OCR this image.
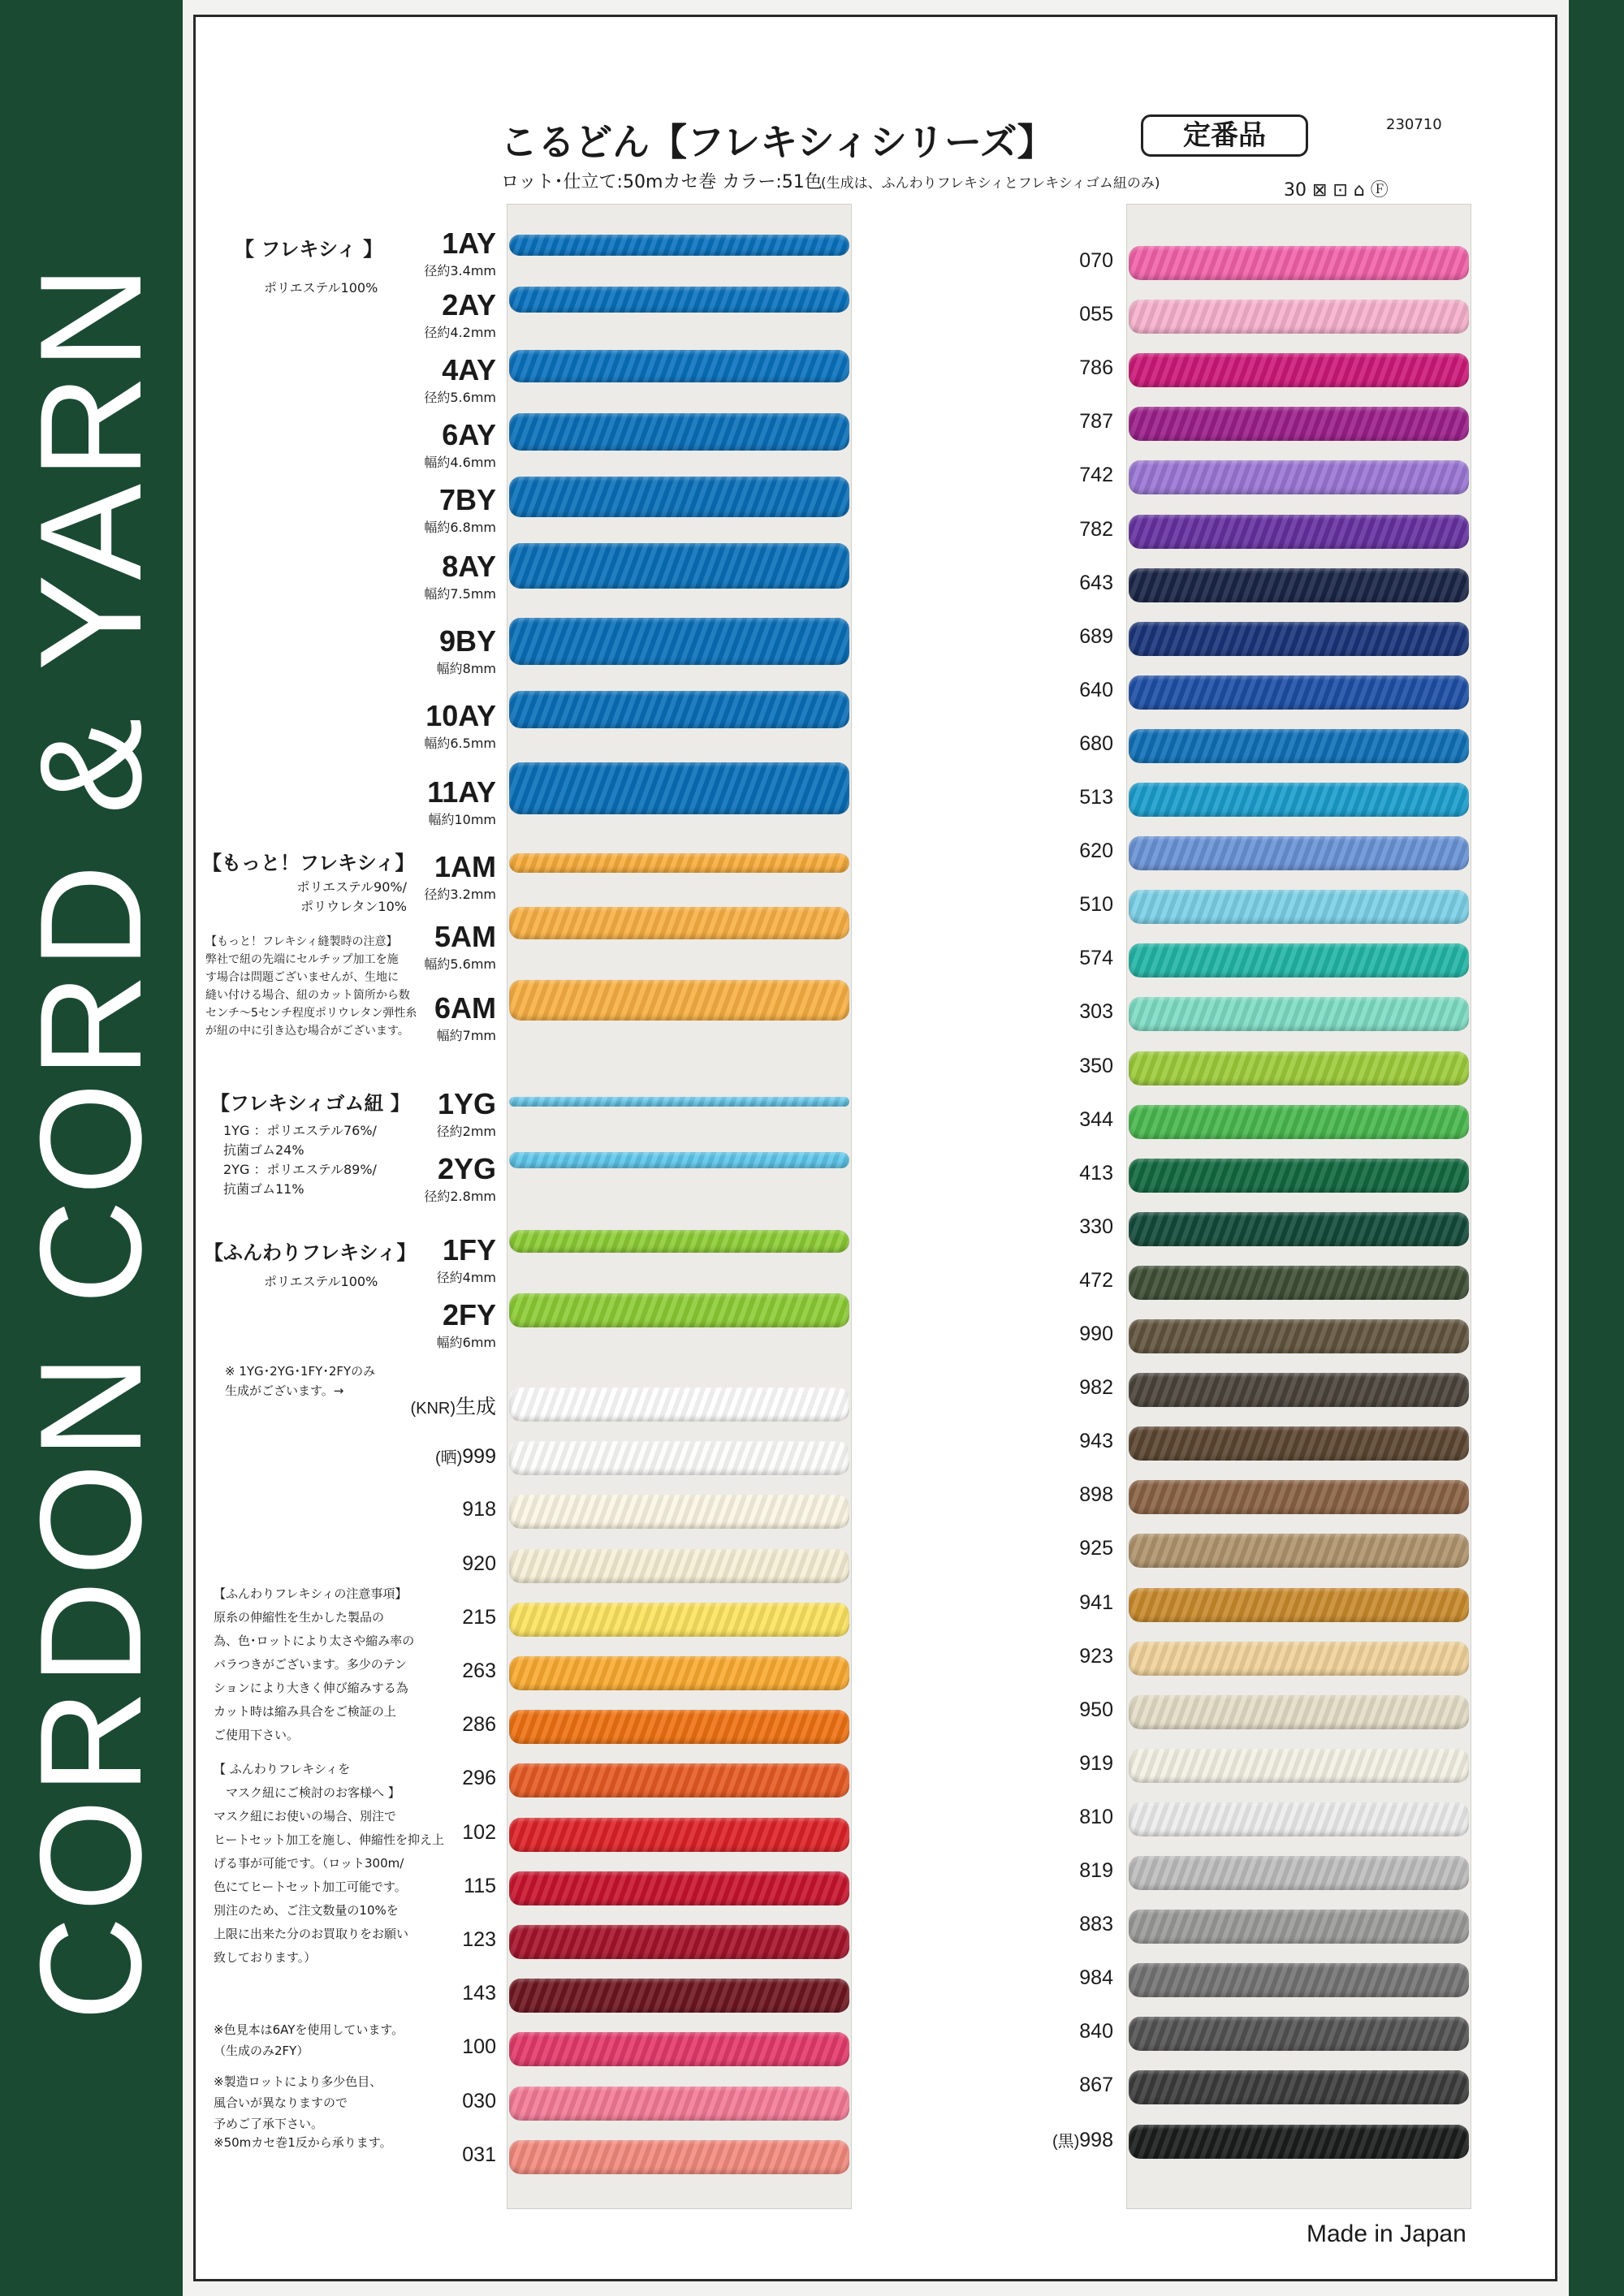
CORDON CORD & YARN
こるどん【フレキシィシリーズ】	定番品	230710
ロット･仕立て:50mカセ巻 カラー:51色
(生成は、ふんわりフレキシィとフレキシィゴム紐のみ)	30 ⊠ ⊡ ⌂ Ⓕ
1AY
径約3.4mm
2AY
径約4.2mm
4AY
径約5.6mm
6AY
幅約4.6mm
7BY
幅約6.8mm
8AY
幅約7.5mm
9BY
幅約8mm
10AY
幅約6.5mm
11AY
幅約10mm
1AM
径約3.2mm
5AM
幅約5.6mm
6AM
幅約7mm
1YG
径約2mm
2YG
径約2.8mm
1FY
径約4mm
2FY
幅約6mm
(KNR)生成
(晒)999
918
920
215
263
286
296
102
115
123
143
100
030
031
070
055
786
787
742
782
643
689
640
680
513
620
510
574
303
350
344
413
330
472
990
982
943
898
925
941
923
950
919
810
819
883
984
840
867
(黒)998
【 フレキシィ 】
ポリエステル100%
【もっと！フレキシィ】
ポリエステル90%/
ポリウレタン10%
【もっと！フレキシィ縫製時の注意】
弊社で紐の先端にセルチップ加工を施
す場合は問題ございませんが、生地に
縫い付ける場合、紐のカット箇所から数
センチ～5センチ程度ポリウレタン弾性糸
が紐の中に引き込む場合がございます。
【フレキシィゴム紐 】
1YG ：ポリエステル76%/
抗菌ゴム24%
2YG ：ポリエステル89%/
抗菌ゴム11%
【ふんわりフレキシィ】
ポリエステル100%
※ 1YG･2YG･1FY･2FYのみ
生成がございます。→
【ふんわりフレキシィの注意事項】
原糸の伸縮性を生かした製品の
為、色･ロットにより太さや縮み率の
バラつきがございます。多少のテン
ションにより大きく伸び縮みする為
カット時は縮み具合をご検証の上
ご使用下さい。
【 ふんわりフレキシィを
　マスク紐にご検討のお客様へ 】
マスク紐にお使いの場合、別注で
ヒートセット加工を施し、伸縮性を抑え上
げる事が可能です。（ロット300m/
色にてヒートセット加工可能です。
別注のため、ご注文数量の10%を
上限に出来た分のお買取りをお願い
致しております。）
※色見本は6AYを使用しています。
（生成のみ2FY）
※製造ロットにより多少色目、
風合いが異なりますので
予めご了承下さい。
※50mカセ巻1反から承ります。
Made in Japan
